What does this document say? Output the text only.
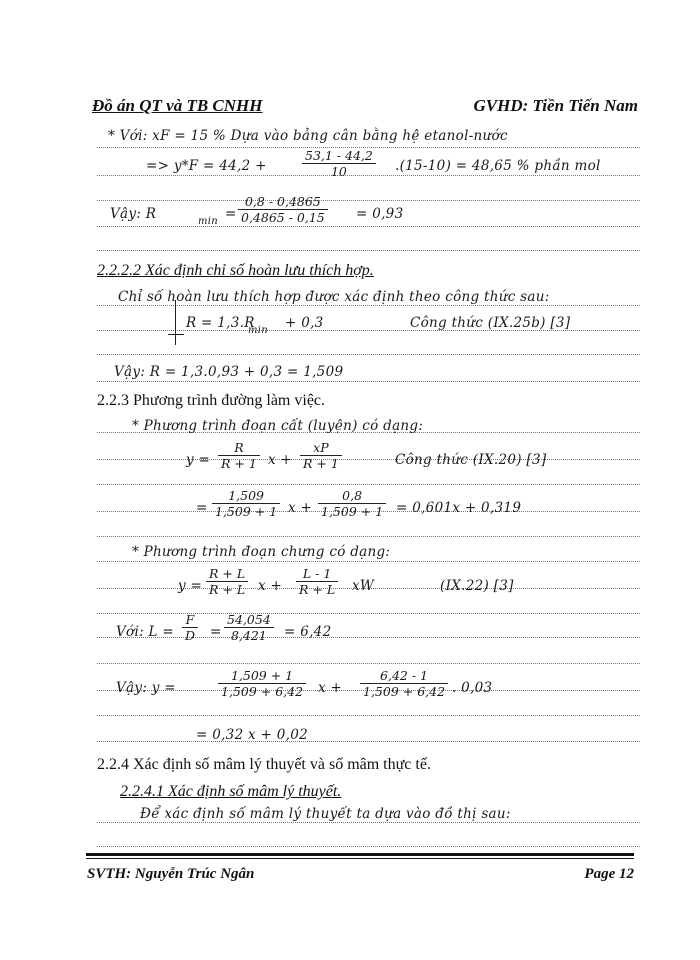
Đồ án QT và TB CNHH	GVHD: Tiền Tiến Nam
* Với: xF = 15 % Dựa vào bảng cân bằng hệ etanol-nước
=> y*F = 44,2 +	$\frac{53,1 - 44,2}{10} .(15-10) = 48,65$ % phần mol
Vậy: R	$\min = \frac{0,8 - 0,4865}{0,4865 - 0,15} = 0,93$
2.2.2.2 Xác định chỉ số hoàn lưu thích hợp.
Chỉ số hoàn lưu thích hợp được xác định theo công thức sau:
R = 1,3.R
min + 0,3	Công thức (IX.25b) [3]
Vậy: R = 1,3.0,93 + 0,3 = 1,509
2.2.3 Phương trình đường làm việc.
* Phương trình đoạn cất (luyện) có dạng:
$y = \frac{R}{R + 1}$ $x + \frac{xP}{R + 1}$	Công thức (IX.20) [3]
= $\frac{1,509}{1,509 + 1}$ $x + \frac{0,8}{1,509 + 1} = 0,601x + 0,319$
* Phương trình đoạn chưng có dạng:
$y = \frac{R + L}{R + L}$ $x + \frac{L - 1}{R + L}$ xW	(IX.22) [3]
Với: $L = \frac{F}{D} = \frac{54,054}{8,421} = 6,42$
Vậy: y =	$\frac{1,509 + 1}{1,509 + 6,42}$ $x + \frac{6,42 - 1}{1,509 + 6,42}$ . 0,03
= 0,32 x + 0,02
2.2.4 Xác định số mâm lý thuyết và số mâm thực tế.
2.2.4.1 Xác định số mâm lý thuyết.
Để xác định số mâm lý thuyết ta dựa vào đồ thị sau:
SVTH: Nguyễn Trúc Ngân	Page 12
